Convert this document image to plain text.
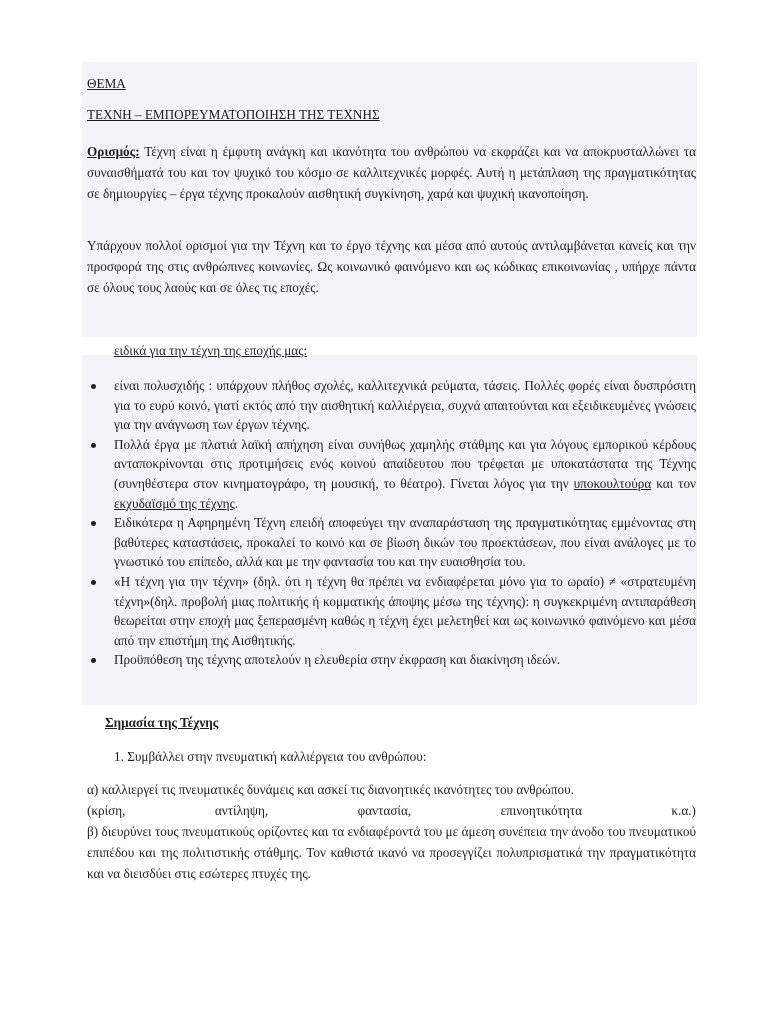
ΘΕΜΑ
ΤΕΧΝΗ – ΕΜΠΟΡΕΥΜΑΤΟΠΟΙΗΣΗ ΤΗΣ ΤΕΧΝΗΣ

Ορισμός: Τέχνη είναι η έμφυτη ανάγκη και ικανότητα του ανθρώπου να εκφράζει και να αποκρυσταλλώνει τα συναισθήματά του και τον ψυχικό του κόσμο σε καλλιτεχνικές μορφές. Αυτή η μετάπλαση της πραγματικότητας σε δημιουργίες – έργα τέχνης προκαλούν αισθητική συγκίνηση, χαρά και ψυχική ικανοποίηση.

Υπάρχουν πολλοί ορισμοί για την Τέχνη και το έργο τέχνης και μέσα από αυτούς αντιλαμβάνεται κανείς και την προσφορά της στις ανθρώπινες κοινωνίες. Ως κοινωνικό φαινόμενο και ως κώδικας επικοινωνίας , υπήρχε πάντα σε όλους τους λαούς και σε όλες τις εποχές.

ειδικά για την τέχνη της εποχής μας:
είναι πολυσχιδής : υπάρχουν πλήθος σχολές, καλλιτεχνικά ρεύματα, τάσεις. Πολλές φορές είναι δυσπρόσιτη για το ευρύ κοινό, γιατί εκτός από την αισθητική καλλιέργεια, συχνά απαιτούνται και εξειδικευμένες γνώσεις για την ανάγνωση των έργων τέχνης.
Πολλά έργα με πλατιά λαϊκή απήχηση είναι συνήθως χαμηλής στάθμης και για λόγους εμπορικού κέρδους ανταποκρίνονται στις προτιμήσεις ενός κοινού απαίδευτου που τρέφεται με υποκατάστατα της Τέχνης (συνηθέστερα στον κινηματογράφο, τη μουσική, το θέατρο). Γίνεται λόγος για την υποκουλτούρα και τον εκχυδαϊσμό της τέχνης.
Ειδικότερα η Αφηρημένη Τέχνη επειδή αποφεύγει την αναπαράσταση της πραγματικότητας εμμένοντας στη βαθύτερες καταστάσεις, προκαλεί το κοινό και σε βίωση δικών του προεκτάσεων, που είναι ανάλογες με το γνωστικό του επίπεδο, αλλά και με την φαντασία του και την ευαισθησία του.
«Η τέχνη για την τέχνη» (δηλ. ότι η τέχνη θα πρέπει να ενδιαφέρεται μόνο για το ωραίο) ≠ «στρατευμένη τέχνη»(δηλ. προβολή μιας πολιτικής ή κομματικής άποψης μέσω της τέχνης): η συγκεκριμένη αντιπαράθεση θεωρείται στην εποχή μας ξεπερασμένη καθώς η τέχνη έχει μελετηθεί και ως κοινωνικό φαινόμενο και μέσα από την επιστήμη της Αισθητικής.
Προϋπόθεση της τέχνης αποτελούν η ελευθερία στην έκφραση και διακίνηση ιδεών.
Σημασία της Τέχνης
1. Συμβάλλει στην πνευματική καλλιέργεια του ανθρώπου:

α) καλλιεργεί τις πνευματικές δυνάμεις και ασκεί τις διανοητικές ικανότητες του ανθρώπου.

(κρίση,	αντίληψη,	φαντασία,	επινοητικότητα	κ.α.)

β) διευρύνει τους πνευματικούς ορίζοντες και τα ενδιαφέροντά του με άμεση συνέπεια την άνοδο του πνευματικού επιπέδου και της πολιτιστικής στάθμης. Τον καθιστά ικανό να προσεγγίζει πολυπρισματικά την πραγματικότητα και να διεισδύει στις εσώτερες πτυχές της.
